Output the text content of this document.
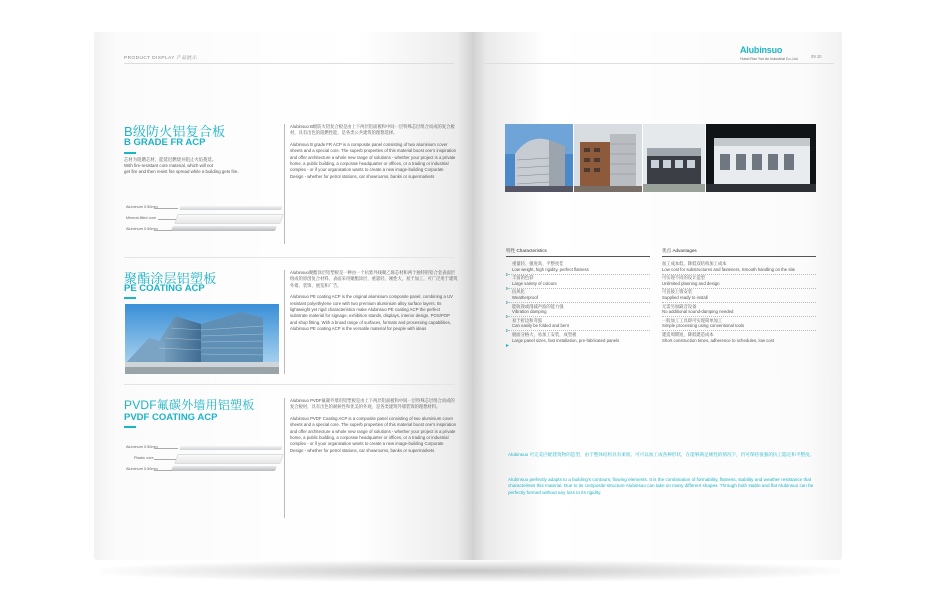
PRODUCT DISPLAY 产品展示
B级防火铝复合板
B GRADE FR ACP
芯材为阻燃芯材，能延迟燃烧并阻止火焰蔓延。
With fire-resistant core material, which will not
get fire and then resist fire spread while a building gets fire.
Aluminum 0.50mm
Mineral-filled core
Aluminum 0.50mm
Alubinsuo B级防火铝复合板是由上下两层铝面板和中间一层特殊芯层组合而成的复合板材，具有出色的阻燃性能，是各类公共建筑的理想选择。
Alubinsuo B grade FR ACP is a composite panel consisting of two aluminium cover sheets and a special core. The superb properties of this material boost one's inspiration and offer architecture a whole new range of solutions - whether your project is a private home, a public building, a corporate headquarter or offices, or a trading or industrial complex - or if your organisation wants to create a new image-building Corporate Design - whether for petrol stations, car showrooms, banks or supermarkets
聚酯涂层铝塑板
PE COATING ACP
Alubinsuo聚酯涂层铝塑板是一种由一个抗紫外线聚乙烯芯材和两个独特的铝合金表面层组成的原创复合材料。表面采用聚酯涂层，重量轻，刚性大，易于加工，可广泛用于建筑外墙、装饰、展览和广告。
Alubinsuo PE coating ACP is the original aluminium composite panel, combining a UV resistant polyethylene core with two premium aluminium alloy surface layers. Its lightweight yet rigid characteristics make Alubinsuo PE coating ACP the perfect substrate material for signage, exhibition stands, displays, interior design, POS/POP and shop fitting. With a broad range of surfaces, formats and processing capabilities, Alubinsuo PE coating ACP is the versatile material for people with ideas
PVDF氟碳外墙用铝塑板
PVDF COATING ACP
Aluminum 0.50mm
Plastic core
Aluminum 0.50mm
Alubinsuo PVDF氟碳外墙用铝塑板是由上下两层铝面板和中间一层特殊芯层组合而成的复合板材，具有出色的耐候性和优美的外观，是各类建筑外墙装饰的理想材料。
Alubinsuo PVDF Coating ACP is a composite panel consisting of two aluminium cover sheets and a special core. The superb properties of this material boost one's inspiration and offer architecture a whole new range of solutions - whether your project is a private home, a public building, a corporate headquarter or offices, or a trading or industrial complex - or if your organisation wants to create a new image-building Corporate Design - whether for petrol stations, car showrooms, banks or supermarkets
Alubinsuo
Hubei Ran Yue An Industrial Co.,Ltd.	09 10
特性 Characteristics	优点 Advantages
重量轻、强度高、平整度佳
Low weight, high rigidity, perfect flatness
加工成本低，降低双结构加工成本
Low cost for substructures and fasteners, Smooth handling on the site
丰富的色彩
Large variety of colours
可实现不同的设计造型
Unlimited planning and design
抗风化
Weatherproof
可直接上墙安装
Supplied ready to install
能收敛或削减声波的能力强
Vibration damping
无需另加隔音设备
No additional sound-damping needed
易于折边和弯弧
Can easily be folded and bent
一般加工工具即可实现简单加工
Simple processing using conventional tools
板面分格大，易加工安装，成型板
Large panel sizes, fast installation, pre-fabricated panels
建造周期短，降低建造成本
Short construction times, adherence to schedules, low cost
Alubinsuo 可完美匹配建筑物的造型，由于整体结构具有柔韧、可可以加工成各种形状，在能够满足刚性的情况下，仍可保持很强的抗工隐定和平整度。
Alubinsuo perfectly adapts to a building's contours; flowing elements. It is the combination of formability, flatness, stability and weather resistance that characterises this material. Due to its composite structure Alubinsuo can take on many different shapes. Through both stable and flat Alubinsuo can be perfectly formed without any loss to its rigidity.
